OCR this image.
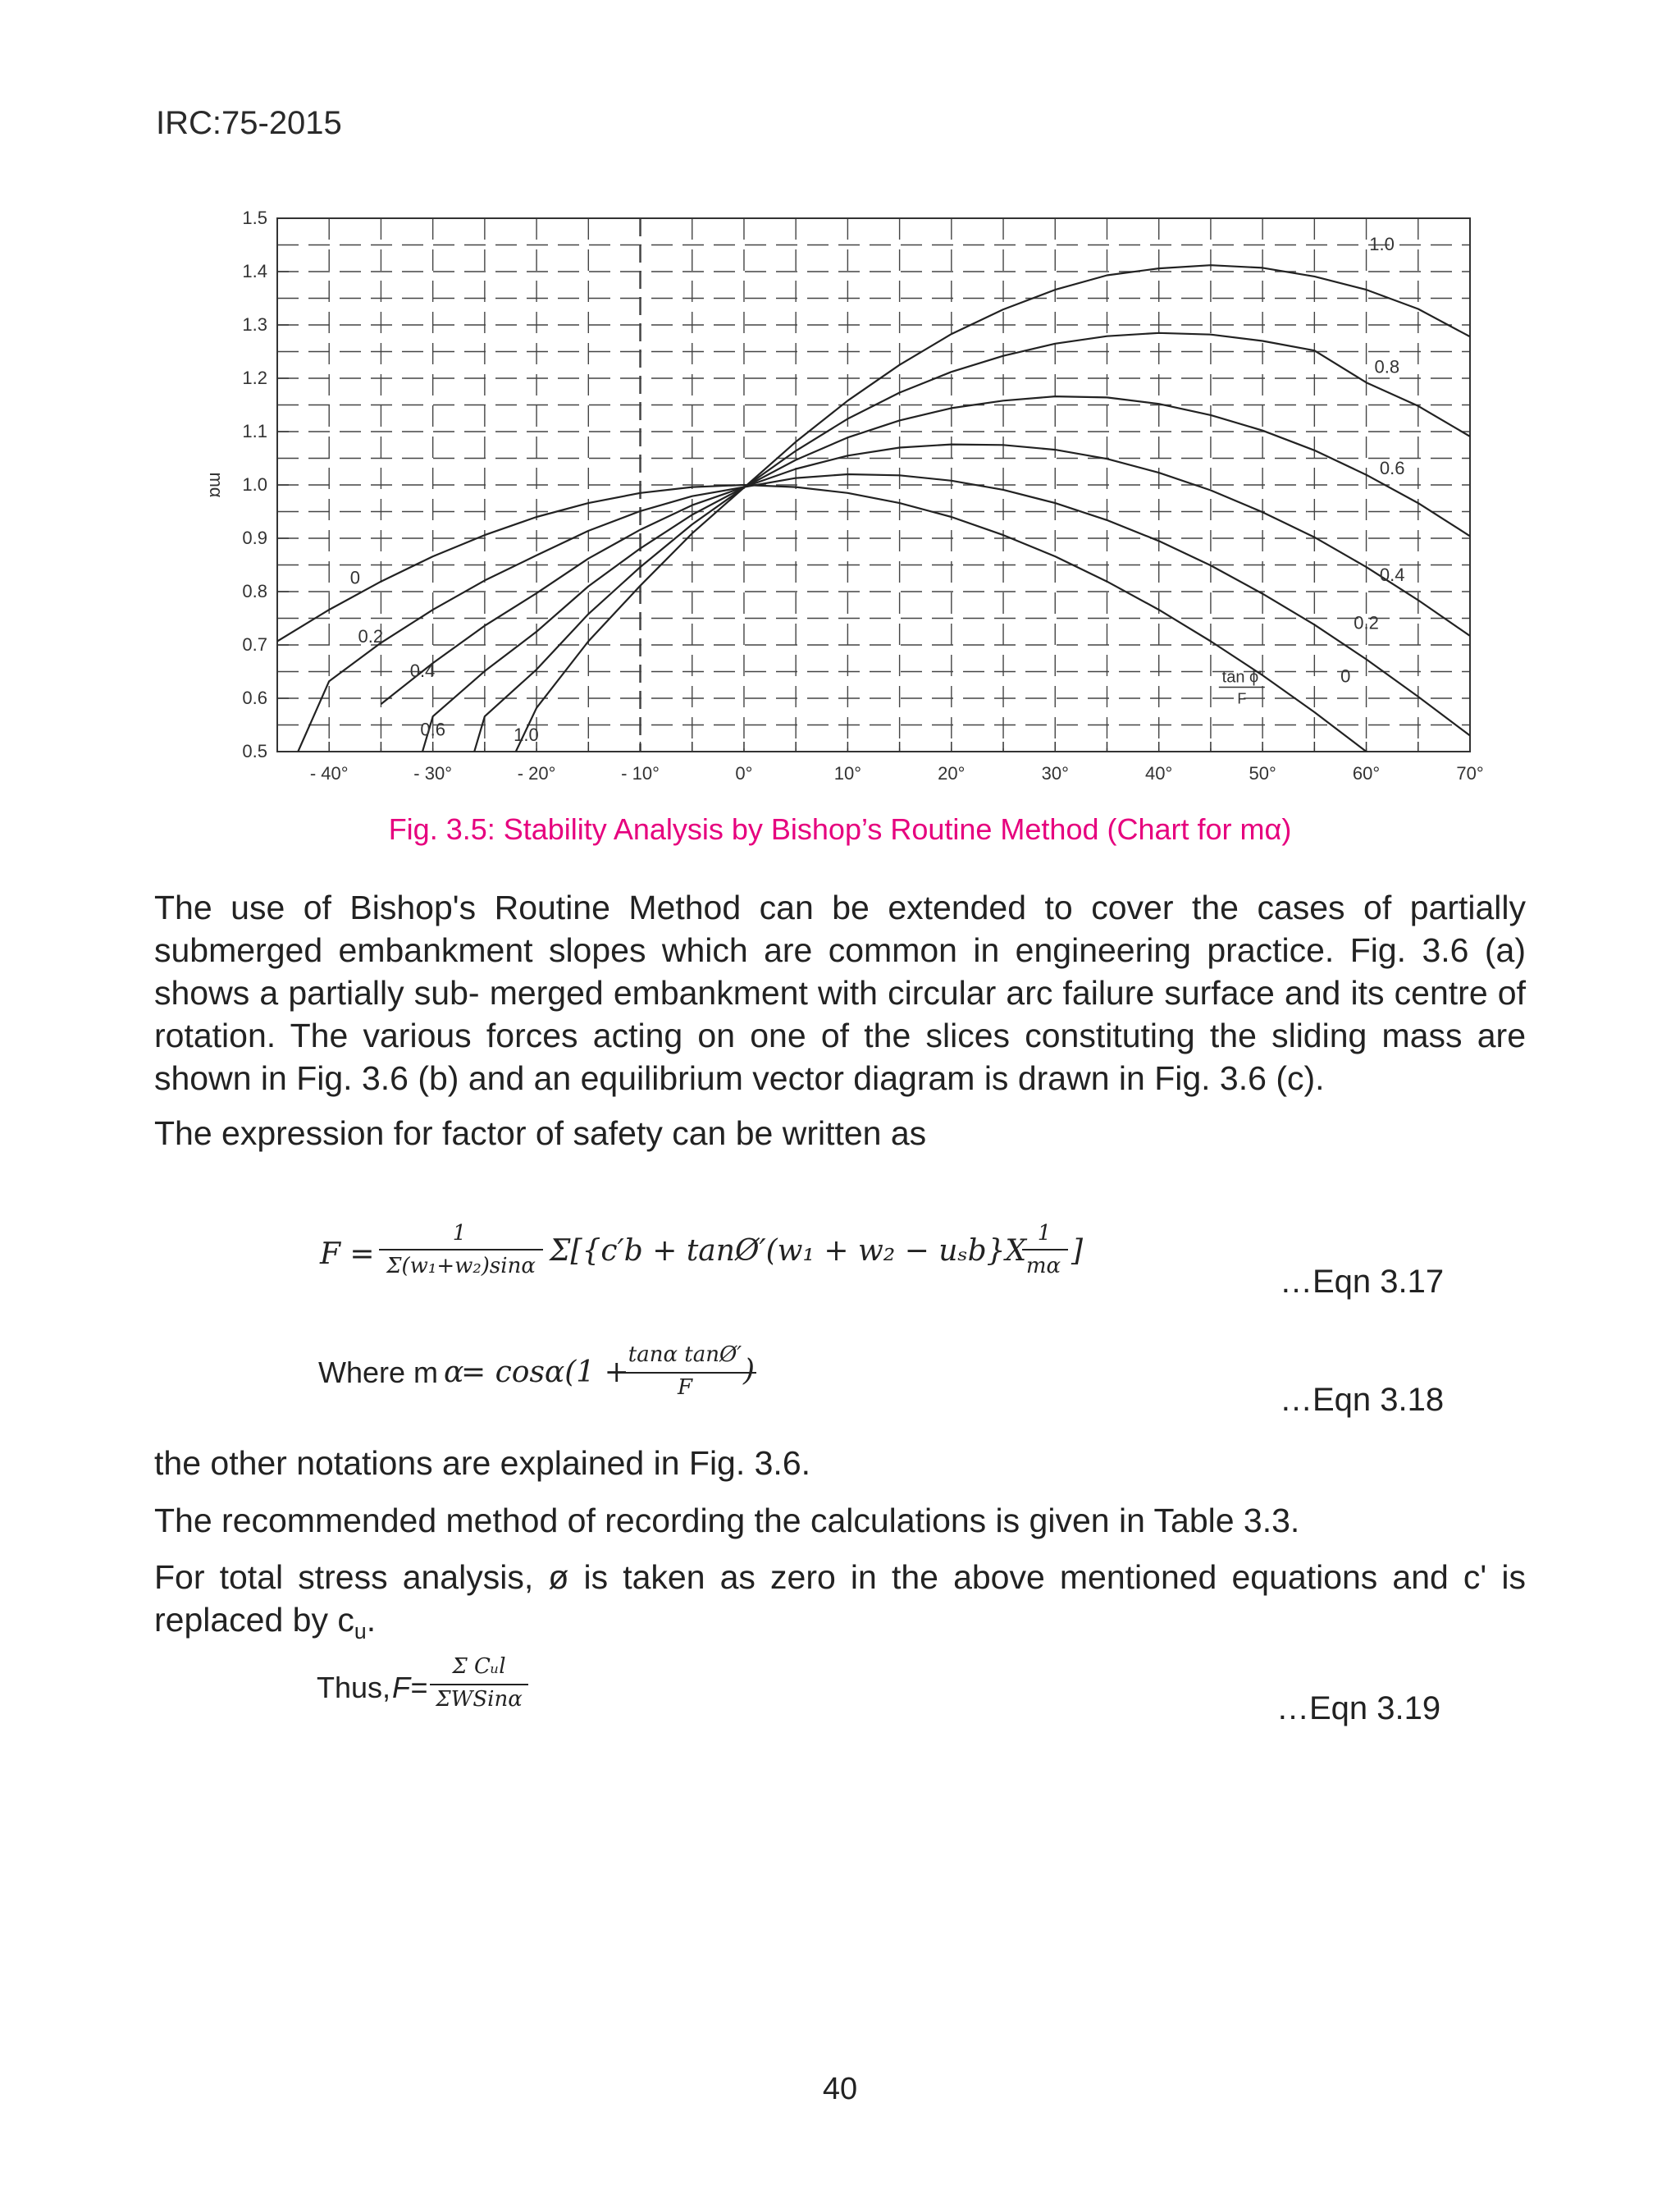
IRC:75-2015
1.5
1.4
1.3
1.2
1.1
1.0
0.9
0.8
0.7
0.6
0.5
- 40°	- 30°	- 20°	- 10°	0°	10°	20°	30°	40°	50°	60°	70°
mα
0
0
0.2
0.2
0.4
0.4
0.6
0.6
0.8
1.0
1.0
tan ϕ'
F
Fig. 3.5: Stability Analysis by Bishop’s Routine Method (Chart for mα)
The use of Bishop's Routine Method can be extended to cover the cases of partially submerged embankment slopes which are common in engineering practice. Fig. 3.6 (a) shows a partially sub- merged embankment with circular arc failure surface and its centre of rotation. The various forces acting on one of the slices constituting the sliding mass are shown in Fig. 3.6 (b) and an equilibrium vector diagram is drawn in Fig. 3.6 (c).
The expression for factor of safety can be written as
F =
1
Σ(w₁+w₂)sinα Σ[{c′b + tanØ′(w₁ + w₂ − uₛb}X
1
mα ]
…Eqn 3.17
Where m α
= cosα(1 +
tanα tanØ′
F	)
…Eqn 3.18
the other notations are explained in Fig. 3.6.
The recommended method of recording the calculations is given in Table 3.3.
For total stress analysis, ø is taken as zero in the above mentioned equations and c' is replaced by $c_u$.
Thus, F=
Σ Cᵤl
ΣWSinα	…Eqn 3.19
40
